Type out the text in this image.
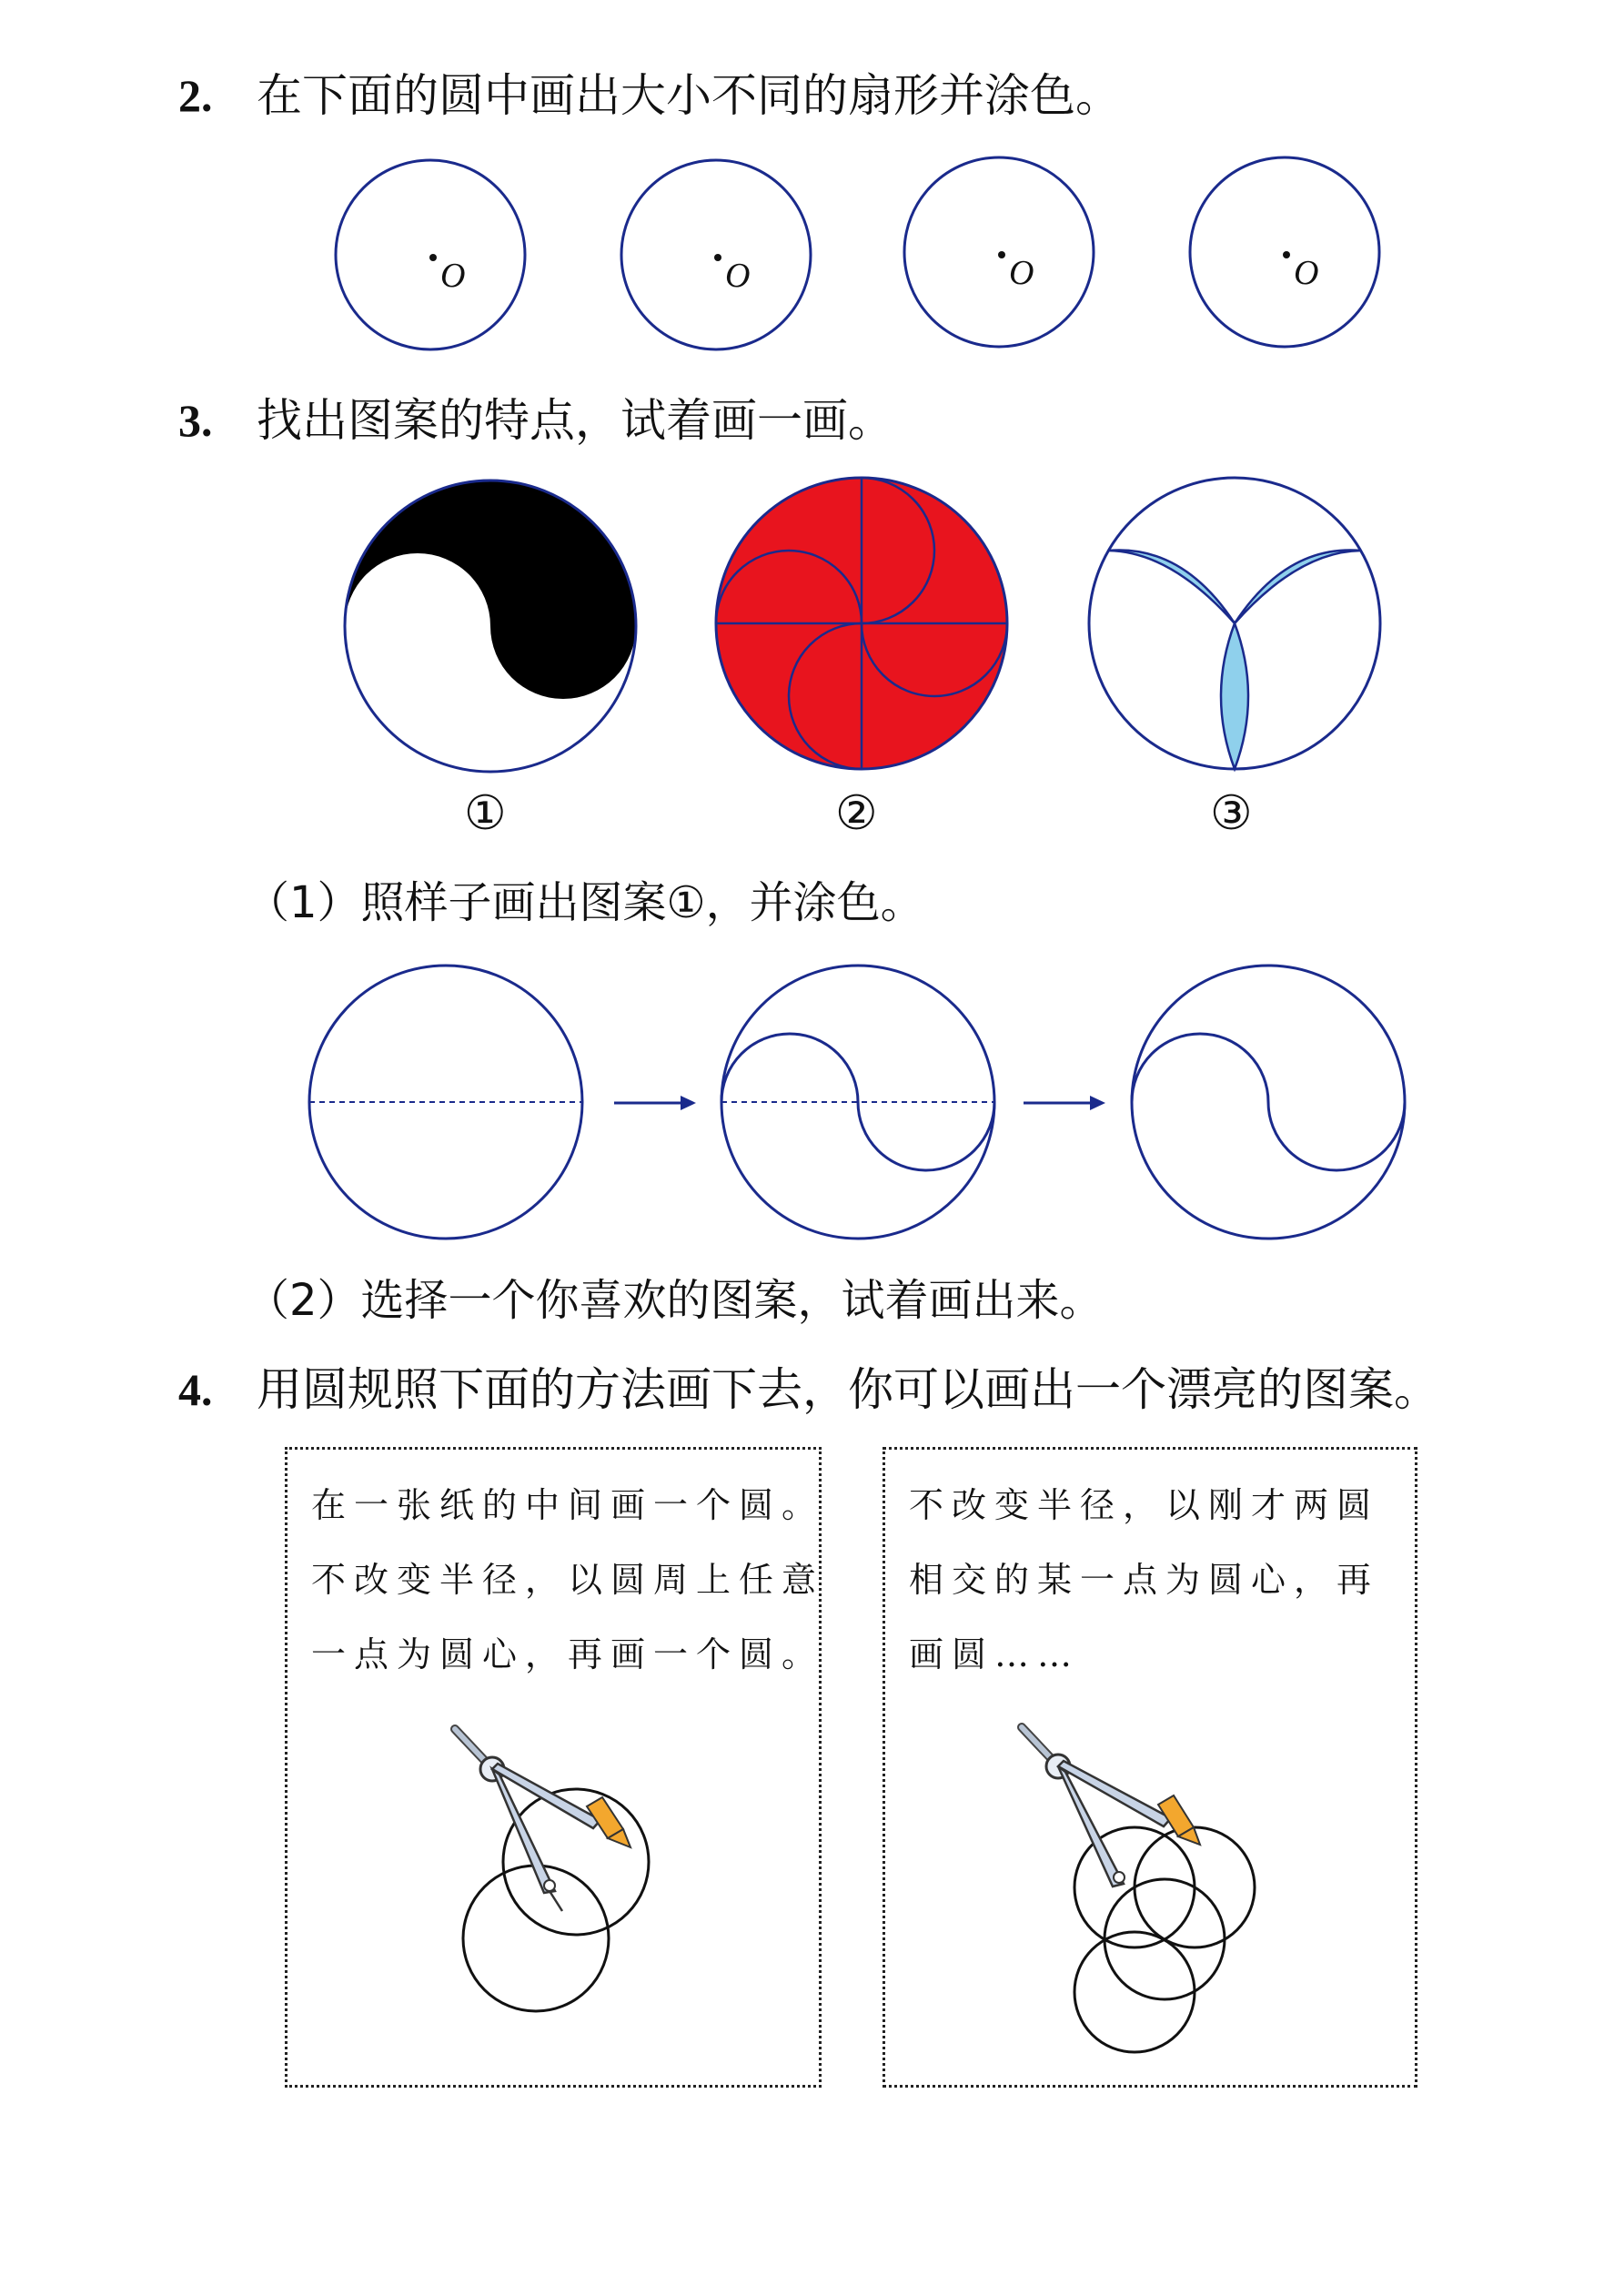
2. 在下面的圆中画出大小不同的扇形并涂色。
3. 找出图案的特点，试着画一画。
①	②	③
（1）照样子画出图案①，并涂色。
（2）选择一个你喜欢的图案，试着画出来。
4. 用圆规照下面的方法画下去，你可以画出一个漂亮的图案。
O	O	O	O
在一张纸的中间画一个圆。
不改变半径，以圆周上任意
一点为圆心，再画一个圆。
不改变半径，以刚才两圆
相交的某一点为圆心，再
画圆……
